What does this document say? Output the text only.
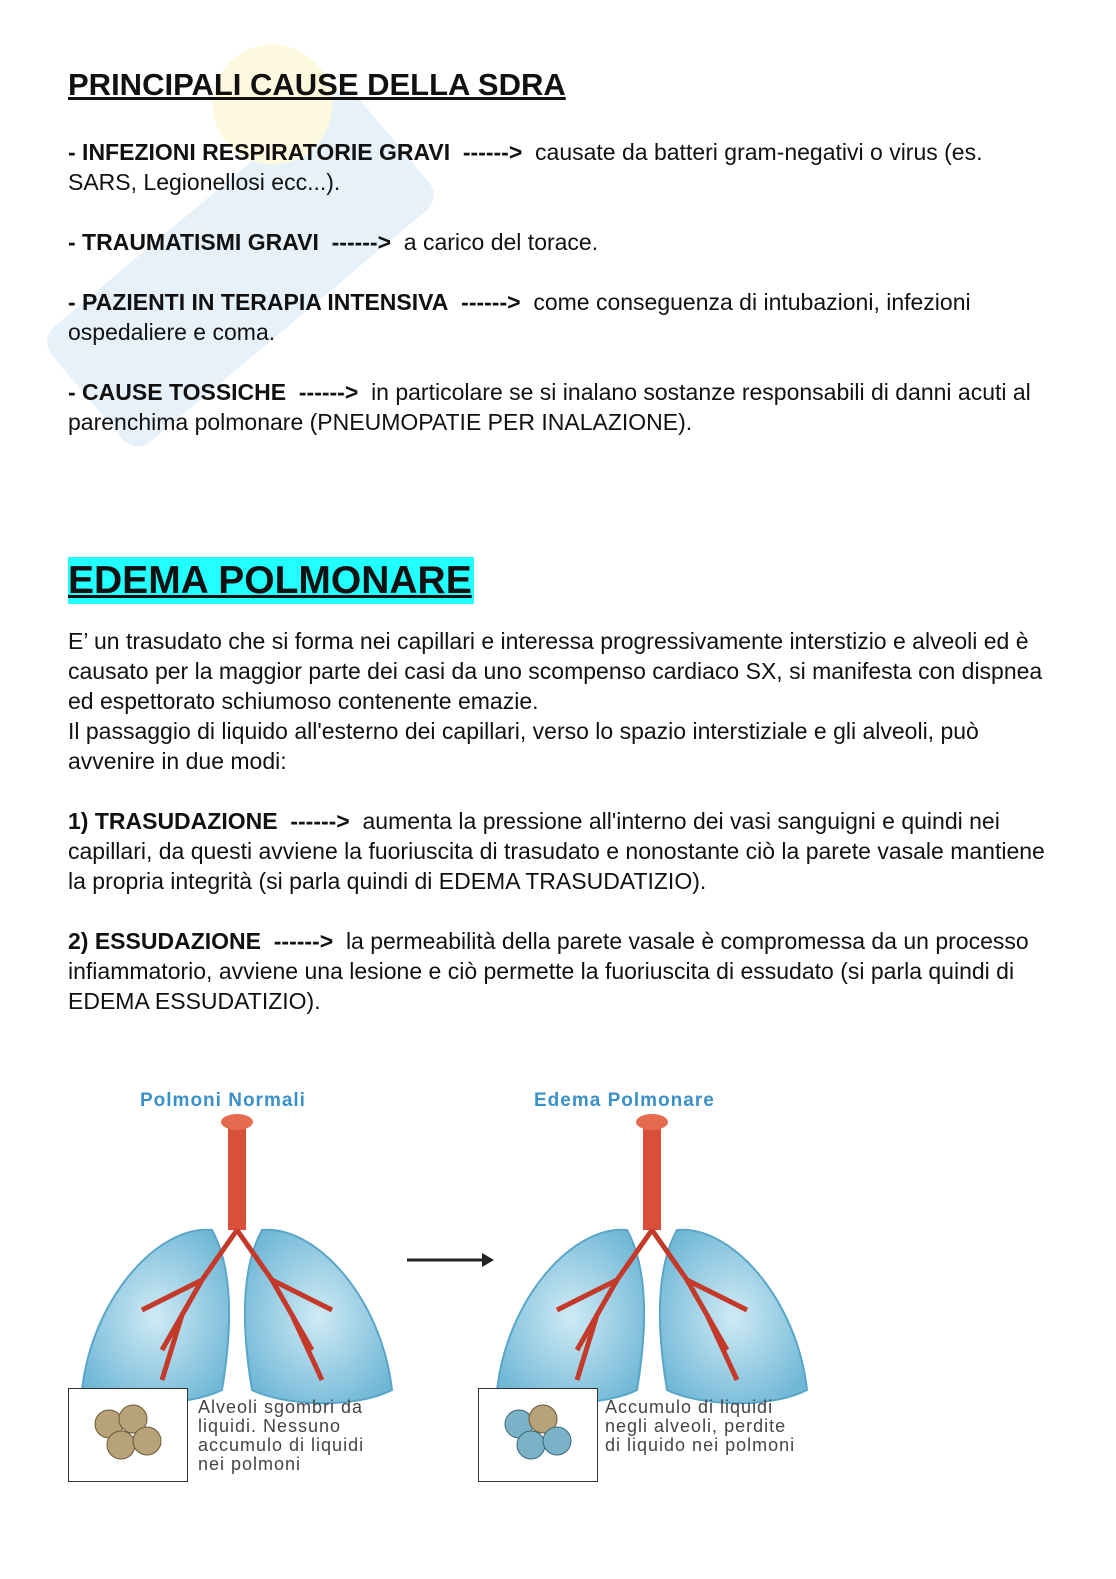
PRINCIPALI CAUSE DELLA SDRA

- INFEZIONI RESPIRATORIE GRAVI ------> causate da batteri gram-negativi o virus (es. SARS, Legionellosi ecc...).

- TRAUMATISMI GRAVI ------> a carico del torace.

- PAZIENTI IN TERAPIA INTENSIVA ------> come conseguenza di intubazioni, infezioni ospedaliere e coma.

- CAUSE TOSSICHE ------> in particolare se si inalano sostanze responsabili di danni acuti al parenchima polmonare (PNEUMOPATIE PER INALAZIONE).

EDEMA POLMONARE

E’ un trasudato che si forma nei capillari e interessa progressivamente interstizio e alveoli ed è causato per la maggior parte dei casi da uno scompenso cardiaco SX, si manifesta con dispnea ed espettorato schiumoso contenente emazie.

Il passaggio di liquido all'esterno dei capillari, verso lo spazio interstiziale e gli alveoli, può avvenire in due modi:

1) TRASUDAZIONE ------> aumenta la pressione all'interno dei vasi sanguigni e quindi nei capillari, da questi avviene la fuoriuscita di trasudato e nonostante ciò la parete vasale mantiene la propria integrità (si parla quindi di EDEMA TRASUDATIZIO).

2) ESSUDAZIONE ------> la permeabilità della parete vasale è compromessa da un processo infiammatorio, avviene una lesione e ciò permette la fuoriuscita di essudato (si parla quindi di EDEMA ESSUDATIZIO).

Polmoni Normali	Edema Polmonare
Alveoli sgombri da
liquidi. Nessuno
accumulo di liquidi
nei polmoni
Accumulo di liquidi
negli alveoli, perdite
di liquido nei polmoni
